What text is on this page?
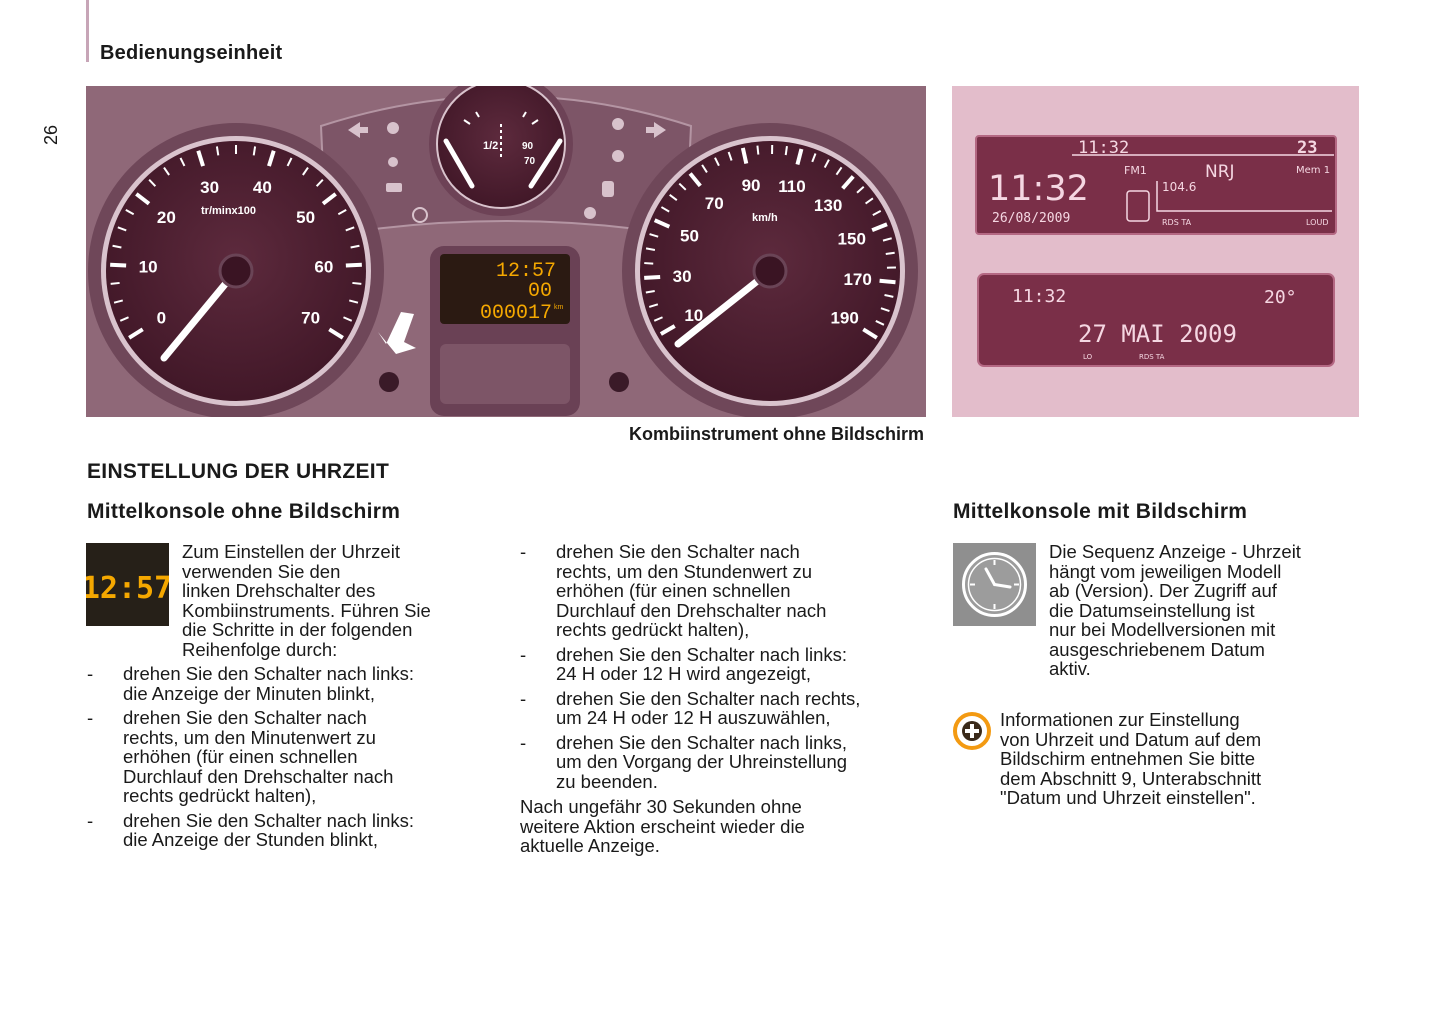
Bedienungseinheit
26
1/2 90
70
0
10
20
30 40
50
60
70
tr/minx100
10
30
50
70
90 110
130
150
170
190
km/h
12:57
00
000017 km
11:32	23
11:32
26/08/2009
FM1	NRJ	Mem 1
104.6
RDS TA	LOUD
11:32	20°
27 MAI 2009
LO	RDS TA
Kombiinstrument ohne Bildschirm
EINSTELLUNG DER UHRZEIT
Mittelkonsole ohne Bildschirm	Mittelkonsole mit Bildschirm
12:57
Zum Einstellen der Uhrzeit
verwenden Sie den
linken Drehschalter des
Kombiinstruments. Führen Sie
die Schritte in der folgenden
Reihenfolge durch:
- drehen Sie den Schalter nach links:
die Anzeige der Minuten blinkt,
- drehen Sie den Schalter nach
rechts, um den Minutenwert zu
erhöhen (für einen schnellen
Durchlauf den Drehschalter nach
rechts gedrückt halten),
- drehen Sie den Schalter nach links:
die Anzeige der Stunden blinkt,
- drehen Sie den Schalter nach
rechts, um den Stundenwert zu
erhöhen (für einen schnellen
Durchlauf den Drehschalter nach
rechts gedrückt halten),
- drehen Sie den Schalter nach links:
24 H oder 12 H wird angezeigt,
- drehen Sie den Schalter nach rechts,
um 24 H oder 12 H auszuwählen,
- drehen Sie den Schalter nach links,
um den Vorgang der Uhreinstellung
zu beenden.
Nach ungefähr 30 Sekunden ohne
weitere Aktion erscheint wieder die
aktuelle Anzeige.
Die Sequenz Anzeige - Uhrzeit
hängt vom jeweiligen Modell
ab (Version). Der Zugriff auf
die Datumseinstellung ist
nur bei Modellversionen mit
ausgeschriebenem Datum
aktiv.
Informationen zur Einstellung
von Uhrzeit und Datum auf dem
Bildschirm entnehmen Sie bitte
dem Abschnitt 9, Unterabschnitt
"Datum und Uhrzeit einstellen".
